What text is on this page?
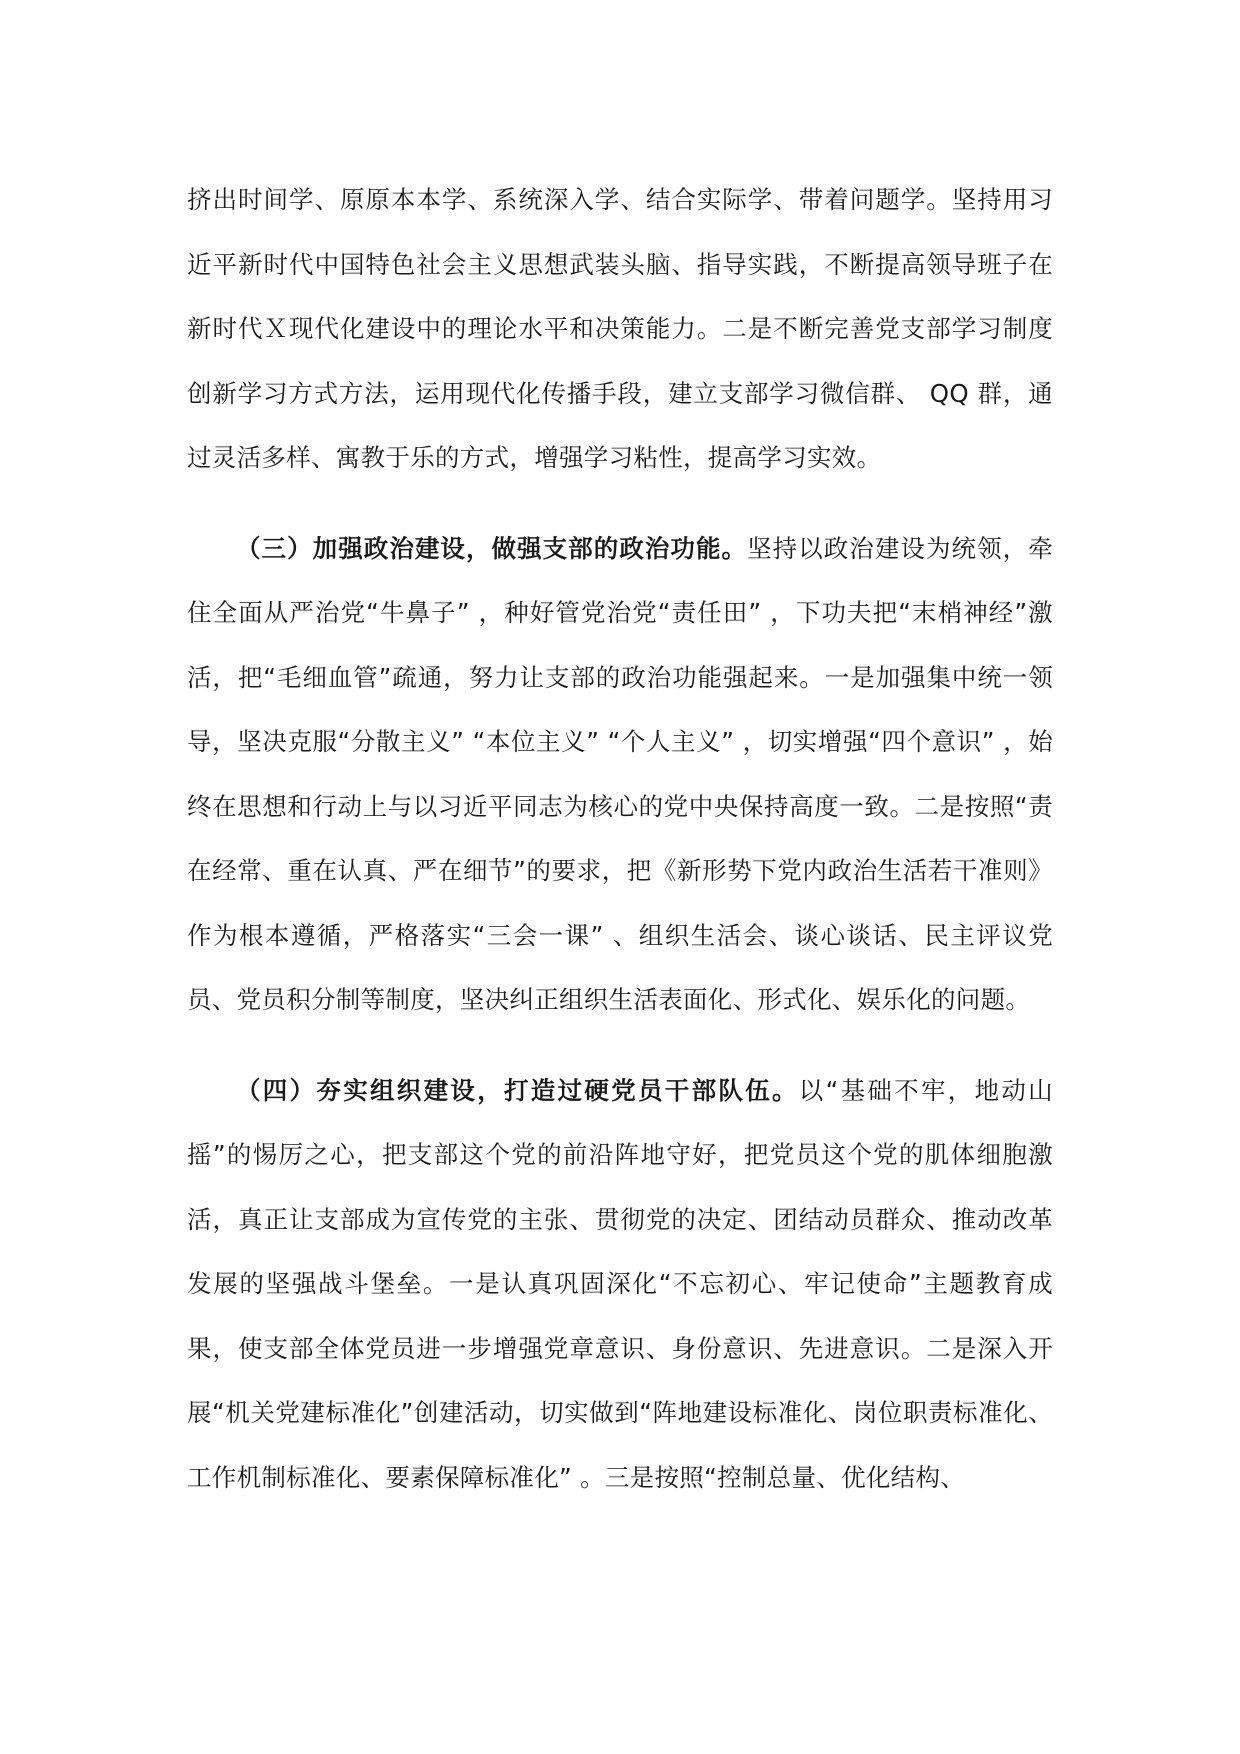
挤出时间学、原原本本学、系统深入学、结合实际学、带着问题学。坚持用习近平新时代中国特色社会主义思想武装头脑、指导实践，不断提高领导班子在新时代Ｘ现代化建设中的理论水平和决策能力。二是不断完善党支部学习制度创新学习方式方法，运用现代化传播手段，建立支部学习微信群、 QQ 群，通过灵活多样、寓教于乐的方式，增强学习粘性，提高学习实效。

（三）加强政治建设，做强支部的政治功能。坚持以政治建设为统领，牵住全面从严治党“牛鼻子” ，种好管党治党“责任田” ，下功夫把“末梢神经”激活，把“毛细血管”疏通，努力让支部的政治功能强起来。一是加强集中统一领导，坚决克服“分散主义” “本位主义” “个人主义” ，切实增强“四个意识” ，始终在思想和行动上与以习近平同志为核心的党中央保持高度一致。二是按照“责在经常、重在认真、严在细节”的要求，把《新形势下党内政治生活若干准则》作为根本遵循，严格落实“三会一课” 、组织生活会、谈心谈话、民主评议党员、党员积分制等制度，坚决纠正组织生活表面化、形式化、娱乐化的问题。

（四）夯实组织建设，打造过硬党员干部队伍。以“基础不牢，地动山摇”的惕厉之心，把支部这个党的前沿阵地守好，把党员这个党的肌体细胞激活，真正让支部成为宣传党的主张、贯彻党的决定、团结动员群众、推动改革发展的坚强战斗堡垒。一是认真巩固深化“不忘初心、牢记使命”主题教育成果，使支部全体党员进一步增强党章意识、身份意识、先进意识。二是深入开展“机关党建标准化”创建活动，切实做到“阵地建设标准化、岗位职责标准化、工作机制标准化、要素保障标准化” 。三是按照“控制总量、优化结构、
